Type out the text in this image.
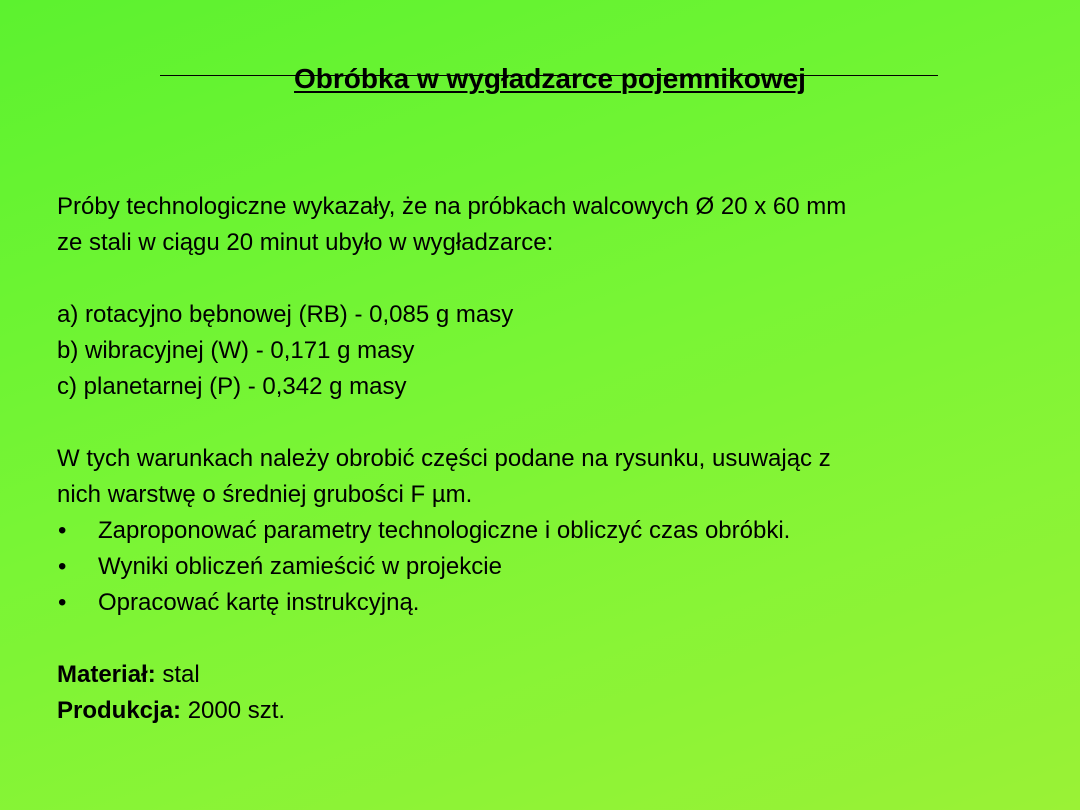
Obróbka w wygładzarce pojemnikowej
Próby technologiczne wykazały, że na próbkach walcowych Ø 20 x 60 mm
ze stali w ciągu 20 minut ubyło w wygładzarce:
a) rotacyjno bębnowej (RB) - 0,085 g masy
b) wibracyjnej (W) - 0,171 g masy
c) planetarnej (P) - 0,342 g masy
W tych warunkach należy obrobić części podane na rysunku, usuwając z
nich warstwę o średniej grubości F µm.
•	Zaproponować parametry technologiczne i obliczyć czas obróbki.
•	Wyniki obliczeń zamieścić w projekcie
•	Opracować kartę instrukcyjną.
Materiał: stal
Produkcja: 2000 szt.
